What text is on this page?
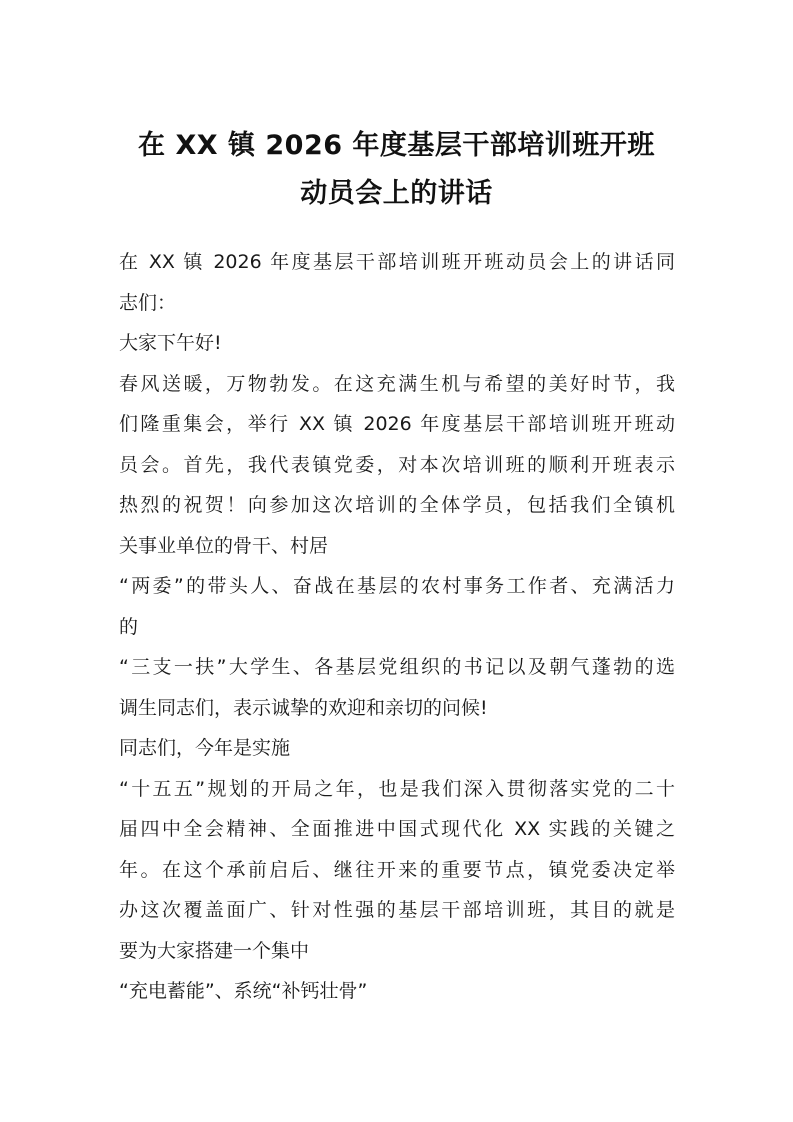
在 XX 镇 2026 年度基层干部培训班开班
动员会上的讲话
在 XX 镇 2026 年度基层干部培训班开班动员会上的讲话同
志们：
大家下午好!
春风送暖，万物勃发。在这充满生机与希望的美好时节，我
们隆重集会，举行 XX 镇 2026 年度基层干部培训班开班动
员会。首先，我代表镇党委，对本次培训班的顺利开班表示
热烈的祝贺！向参加这次培训的全体学员，包括我们全镇机
关事业单位的骨干、村居
“两委”的带头人、奋战在基层的农村事务工作者、充满活力
的
“三支一扶”大学生、各基层党组织的书记以及朝气蓬勃的选
调生同志们，表示诚挚的欢迎和亲切的问候!
同志们，今年是实施
“十五五”规划的开局之年，也是我们深入贯彻落实党的二十
届四中全会精神、全面推进中国式现代化 XX 实践的关键之
年。在这个承前启后、继往开来的重要节点，镇党委决定举
办这次覆盖面广、针对性强的基层干部培训班，其目的就是
要为大家搭建一个集中
“充电蓄能”、系统“补钙壮骨”
